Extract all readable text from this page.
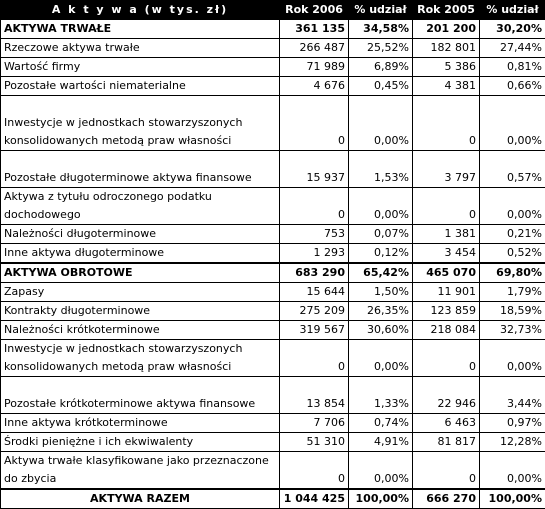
A k t y w a (w tys. zł)	Rok 2006	% udział	Rok 2005	% udział
AKTYWA TRWAŁE	361 135	34,58%	201 200	30,20%
Rzeczowe aktywa trwałe	266 487	25,52%	182 801	27,44%
Wartość firmy	71 989	6,89%	5 386	0,81%
Pozostałe wartości niematerialne	4 676	0,45%	4 381	0,66%
Inwestycje w jednostkach stowarzyszonych konsolidowanych metodą praw własności	0	0,00%	0	0,00%
Pozostałe długoterminowe aktywa finansowe	15 937	1,53%	3 797	0,57%
Aktywa z tytułu odroczonego podatku dochodowego	0	0,00%	0	0,00%
Należności długoterminowe	753	0,07%	1 381	0,21%
Inne aktywa długoterminowe	1 293	0,12%	3 454	0,52%
AKTYWA OBROTOWE	683 290	65,42%	465 070	69,80%
Zapasy	15 644	1,50%	11 901	1,79%
Kontrakty długoterminowe	275 209	26,35%	123 859	18,59%
Należności krótkoterminowe	319 567	30,60%	218 084	32,73%
Inwestycje w jednostkach stowarzyszonych konsolidowanych metodą praw własności	0	0,00%	0	0,00%
Pozostałe krótkoterminowe aktywa finansowe	13 854	1,33%	22 946	3,44%
Inne aktywa krótkoterminowe	7 706	0,74%	6 463	0,97%
Środki pieniężne i ich ekwiwalenty	51 310	4,91%	81 817	12,28%
Aktywa trwałe klasyfikowane jako przeznaczone do zbycia	0	0,00%	0	0,00%
AKTYWA RAZEM	1 044 425	100,00%	666 270	100,00%
